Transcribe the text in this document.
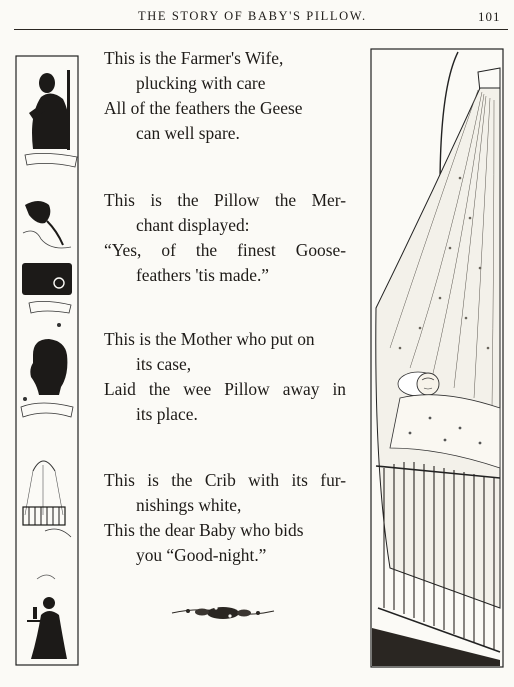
THE STORY OF BABY'S PILLOW.	101
This is the Farmer's Wife,
plucking with care
All of the feathers the Geese
can well spare.
This is the Pillow the Mer-
chant displayed:
“Yes, of the finest Goose-
feathers 'tis made.”
This is the Mother who put on
its case,
Laid the wee Pillow away in
its place.
This is the Crib with its fur-
nishings white,
This the dear Baby who bids
you “Good-night.”
